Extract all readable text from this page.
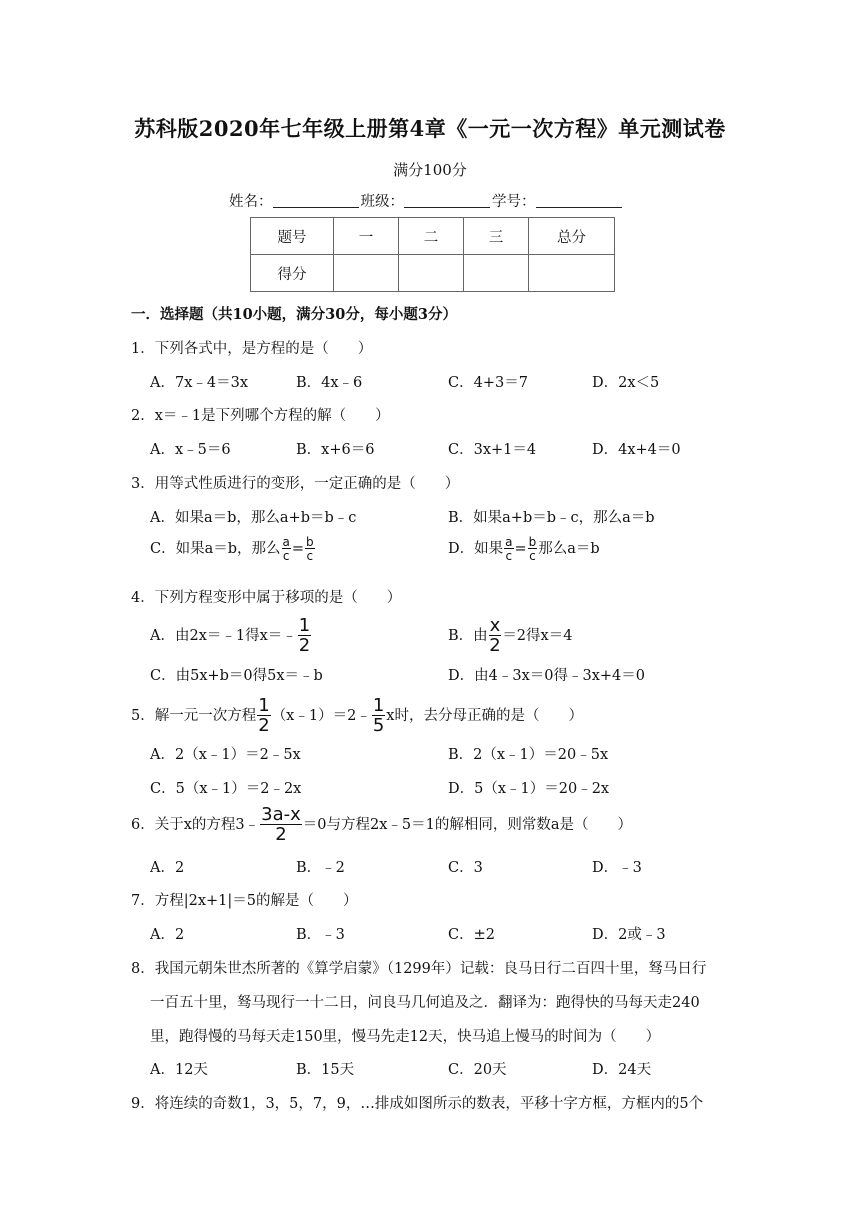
苏科版2020年七年级上册第4章《一元一次方程》单元测试卷
满分100分
姓名：	班级：	学号：
题号	一	二	三	总分
得分				
一．选择题（共10小题，满分30分，每小题3分）
1．下列各式中，是方程的是（　　）
A．7x﹣4＝3x	B．4x﹣6	C．4+3＝7	D．2x＜5
2．x＝﹣1是下列哪个方程的解（　　）
A．x﹣5＝6	B．x+6＝6	C．3x+1＝4	D．4x+4＝0
3．用等式性质进行的变形，一定正确的是（　　）
A．如果a＝b，那么a+b＝b﹣c	B．如果a+b＝b﹣c，那么a＝b
C．如果a＝b，那么 $\frac{a}{c} = \frac{b}{c}$	D．如果 $\frac{a}{c} = \frac{b}{c}$ 那么a＝b
4．下列方程变形中属于移项的是（　　）
A．由2x＝﹣1得x＝﹣ $\frac{1}{2}$	B．由 $\frac{x}{2} =2$得x＝4
C．由5x+b＝0得5x＝﹣b	D．由4﹣3x＝0得﹣3x+4＝0
5．解一元一次方程 $\frac{1}{2}$ （x﹣1）＝2﹣ $\frac{1}{5}$ x时，去分母正确的是（　　）
A．2（x﹣1）＝2﹣5x	B．2（x﹣1）＝20﹣5x
C．5（x﹣1）＝2﹣2x	D．5（x﹣1）＝20﹣2x
6．关于x的方程3﹣ $\frac{3a-x}{2} =0$与方程2x﹣5＝1的解相同，则常数a是（　　）
A．2	B．﹣2	C．3	D．﹣3
7．方程|2x+1|＝5的解是（　　）
A．2	B．﹣3	C．±2	D．2或﹣3
8．我国元朝朱世杰所著的《算学启蒙》（1299年）记载：良马日行二百四十里，驽马日行
一百五十里，驽马现行一十二日，问良马几何追及之．翻译为：跑得快的马每天走240
里，跑得慢的马每天走150里，慢马先走12天，快马追上慢马的时间为（　　）
A．12天	B．15天	C．20天	D．24天
9．将连续的奇数1，3，5，7，9，…排成如图所示的数表，平移十字方框，方框内的5个
